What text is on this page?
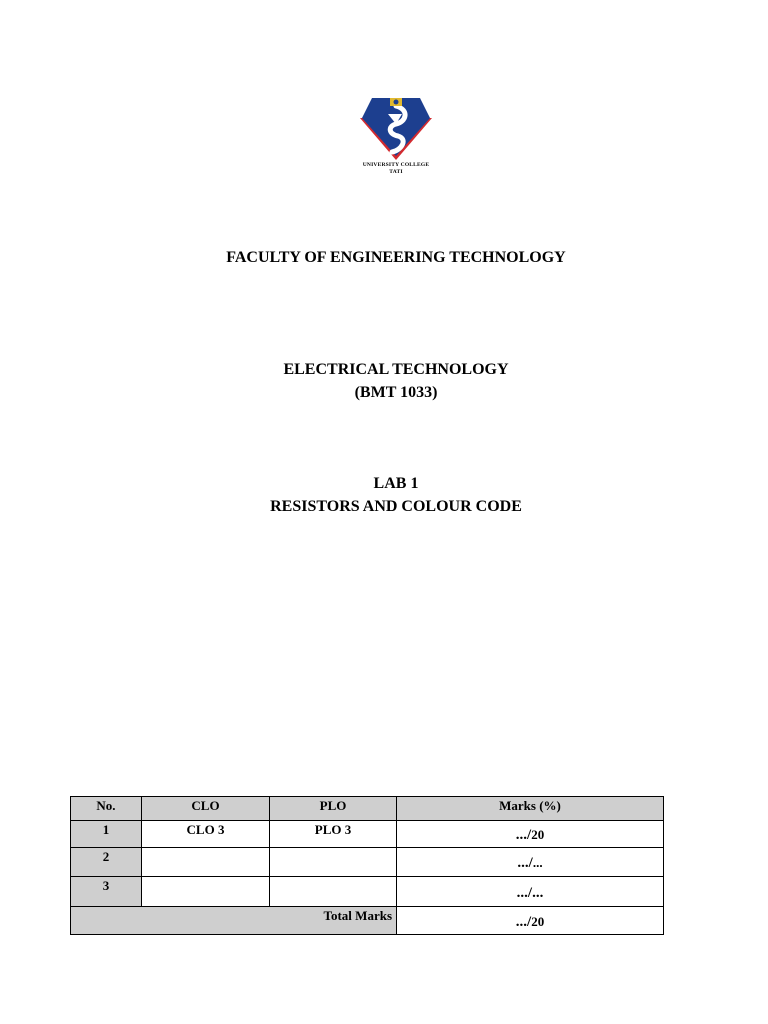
UNIVERSITY COLLEGE
TATI
FACULTY OF ENGINEERING TECHNOLOGY
ELECTRICAL TECHNOLOGY
(BMT 1033)
LAB 1
RESISTORS AND COLOUR CODE
No.	CLO	PLO	Marks (%)
1	CLO 3	PLO 3	.../20
2			.../...
3			.../...
Total Marks			.../20
